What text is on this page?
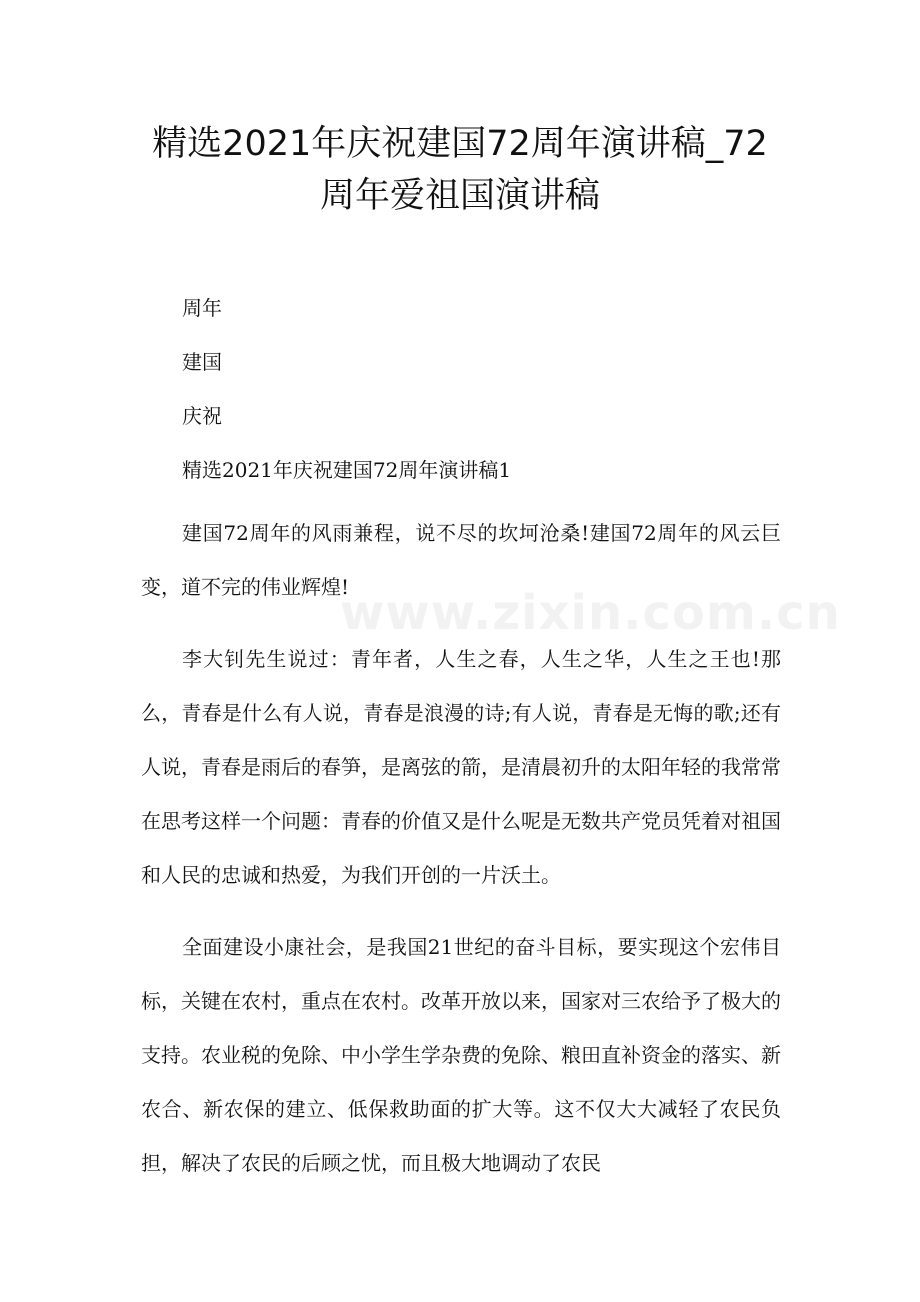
精选2021年庆祝建国72周年演讲稿_72
周年爱祖国演讲稿

周年

建国

庆祝

精选2021年庆祝建国72周年演讲稿1

建国72周年的风雨兼程，说不尽的坎坷沧桑!建国72周年的风云巨变，道不完的伟业辉煌!

李大钊先生说过：青年者，人生之春，人生之华，人生之王也!那么，青春是什么有人说，青春是浪漫的诗;有人说，青春是无悔的歌;还有人说，青春是雨后的春笋，是离弦的箭，是清晨初升的太阳年轻的我常常在思考这样一个问题：青春的价值又是什么呢是无数共产党员凭着对祖国和人民的忠诚和热爱，为我们开创的一片沃土。

全面建设小康社会，是我国21世纪的奋斗目标，要实现这个宏伟目标，关键在农村，重点在农村。改革开放以来，国家对三农给予了极大的支持。农业税的免除、中小学生学杂费的免除、粮田直补资金的落实、新农合、新农保的建立、低保救助面的扩大等。这不仅大大减轻了农民负担，解决了农民的后顾之忧，而且极大地调动了农民

www.zixin.com.cn
